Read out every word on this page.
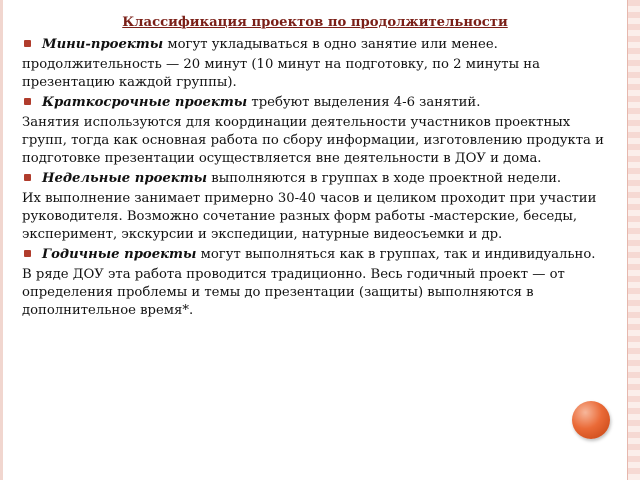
Классификация проектов по продолжительности

Мини-проекты могут укладываться в одно занятие или менее.

продолжительность — 20 минут (10 минут на подготовку, по 2 минуты на презентацию каждой группы).

Краткосрочные проекты требуют выделения 4-6 занятий.

Занятия используются для координации деятельности участников проектных групп, тогда как основная работа по сбору информации, изготовлению продукта и подготовке презентации осуществляется вне деятельности в ДОУ и дома.

Недельные проекты выполняются в группах в ходе проектной недели.

Их выполнение занимает примерно 30-40 часов и целиком проходит при участии руководителя. Возможно сочетание разных форм работы -мастерские, беседы, эксперимент, экскурсии и экспедиции, натурные видеосъемки и др.

Годичные проекты могут выполняться как в группах, так и индивидуально.

В ряде ДОУ эта работа проводится традиционно. Весь годичный проект — от определения проблемы и темы до презентации (защиты) выполняются в дополнительное время*.
